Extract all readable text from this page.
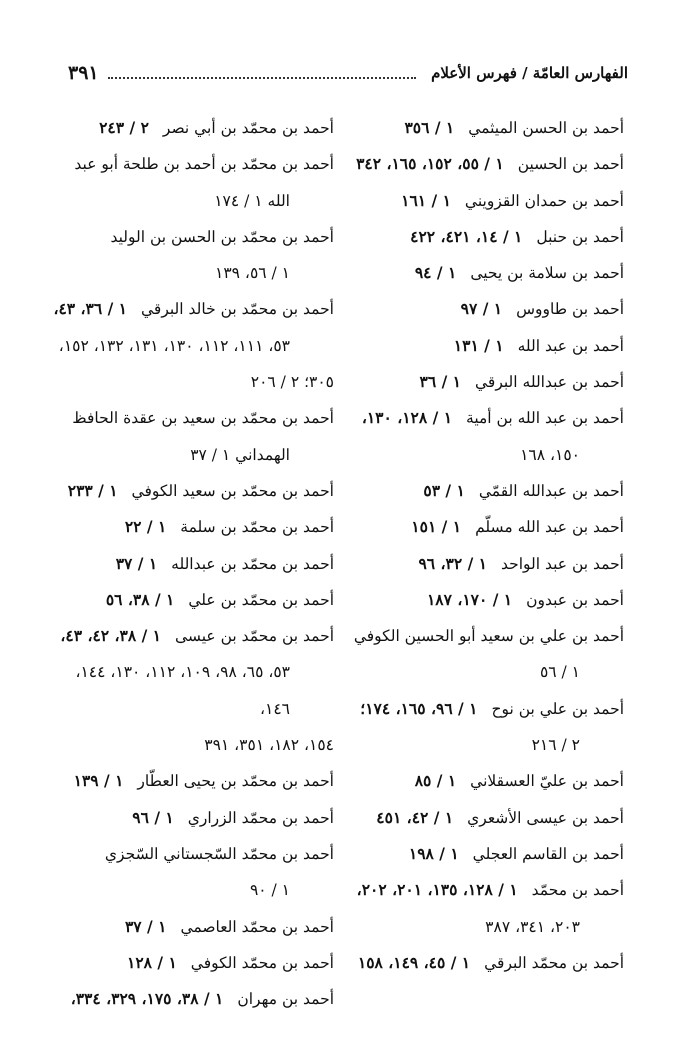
٣٩١	الفهارس العامّة / فهرس الأعلام

أحمد بن الحسن الميثمي١ / ٣٥٦

أحمد بن الحسين١ / ٥٥، ١٥٢، ١٦٥، ٣٤٢

أحمد بن حمدان القزويني١ / ١٦١

أحمد بن حنبل١ / ١٤، ٤٢١، ٤٢٢

أحمد بن سلامة بن يحيى١ / ٩٤

أحمد بن طاووس١ / ٩٧

أحمد بن عبد الله١ / ١٣١

أحمد بن عبدالله البرقي١ / ٣٦

أحمد بن عبد الله بن أمية١ / ١٢٨، ١٣٠،
١٥٠، ١٦٨

أحمد بن عبدالله القمّي١ / ٥٣

أحمد بن عبد الله مسلّم١ / ١٥١

أحمد بن عبد الواحد١ / ٣٢، ٩٦

أحمد بن عبدون١ / ١٧٠، ١٨٧

أحمد بن علي بن سعيد أبو الحسين الكوفي
١ / ٥٦

أحمد بن علي بن نوح١ / ٩٦، ١٦٥، ١٧٤؛
٢ / ٢١٦

أحمد بن عليّ العسقلاني١ / ٨٥

أحمد بن عيسى الأشعري١ / ٤٢، ٤٥١

أحمد بن القاسم العجلي١ / ١٩٨

أحمد بن محمّد١ / ١٢٨، ١٣٥، ٢٠١، ٢٠٢،
٢٠٣، ٣٤١، ٣٨٧

أحمد بن محمّد البرقي١ / ٤٥، ١٤٩، ١٥٨

أحمد بن محمّد بن أبي نصر٢ / ٢٤٣

أحمد بن محمّد بن أحمد بن طلحة أبو عبد
الله ١ / ١٧٤

أحمد بن محمّد بن الحسن بن الوليد
١ / ٥٦، ١٣٩

أحمد بن محمّد بن خالد البرقي١ / ٣٦، ٤٣،
٥٣، ١١١، ١١٢، ١٣٠، ١٣١، ١٣٢، ١٥٢،

٣٠٥؛ ٢ / ٢٠٦

أحمد بن محمّد بن سعيد بن عقدة الحافظ
الهمداني ١ / ٣٧

أحمد بن محمّد بن سعيد الكوفي١ / ٢٣٣

أحمد بن محمّد بن سلمة١ / ٢٢

أحمد بن محمّد بن عبدالله١ / ٣٧

أحمد بن محمّد بن علي١ / ٣٨، ٥٦

أحمد بن محمّد بن عيسى١ / ٣٨، ٤٢، ٤٣،
٥٣، ٦٥، ٩٨، ١٠٩، ١١٢، ١٣٠، ١٤٤، ١٤٦،

١٥٤، ١٨٢، ٣٥١، ٣٩١

أحمد بن محمّد بن يحيى العطّار١ / ١٣٩

أحمد بن محمّد الزراري١ / ٩٦

أحمد بن محمّد السّجستاني السّجزي
١ / ٩٠

أحمد بن محمّد العاصمي١ / ٣٧

أحمد بن محمّد الكوفي١ / ١٢٨

أحمد بن مهران١ / ٣٨، ١٧٥، ٣٢٩، ٣٣٤،
